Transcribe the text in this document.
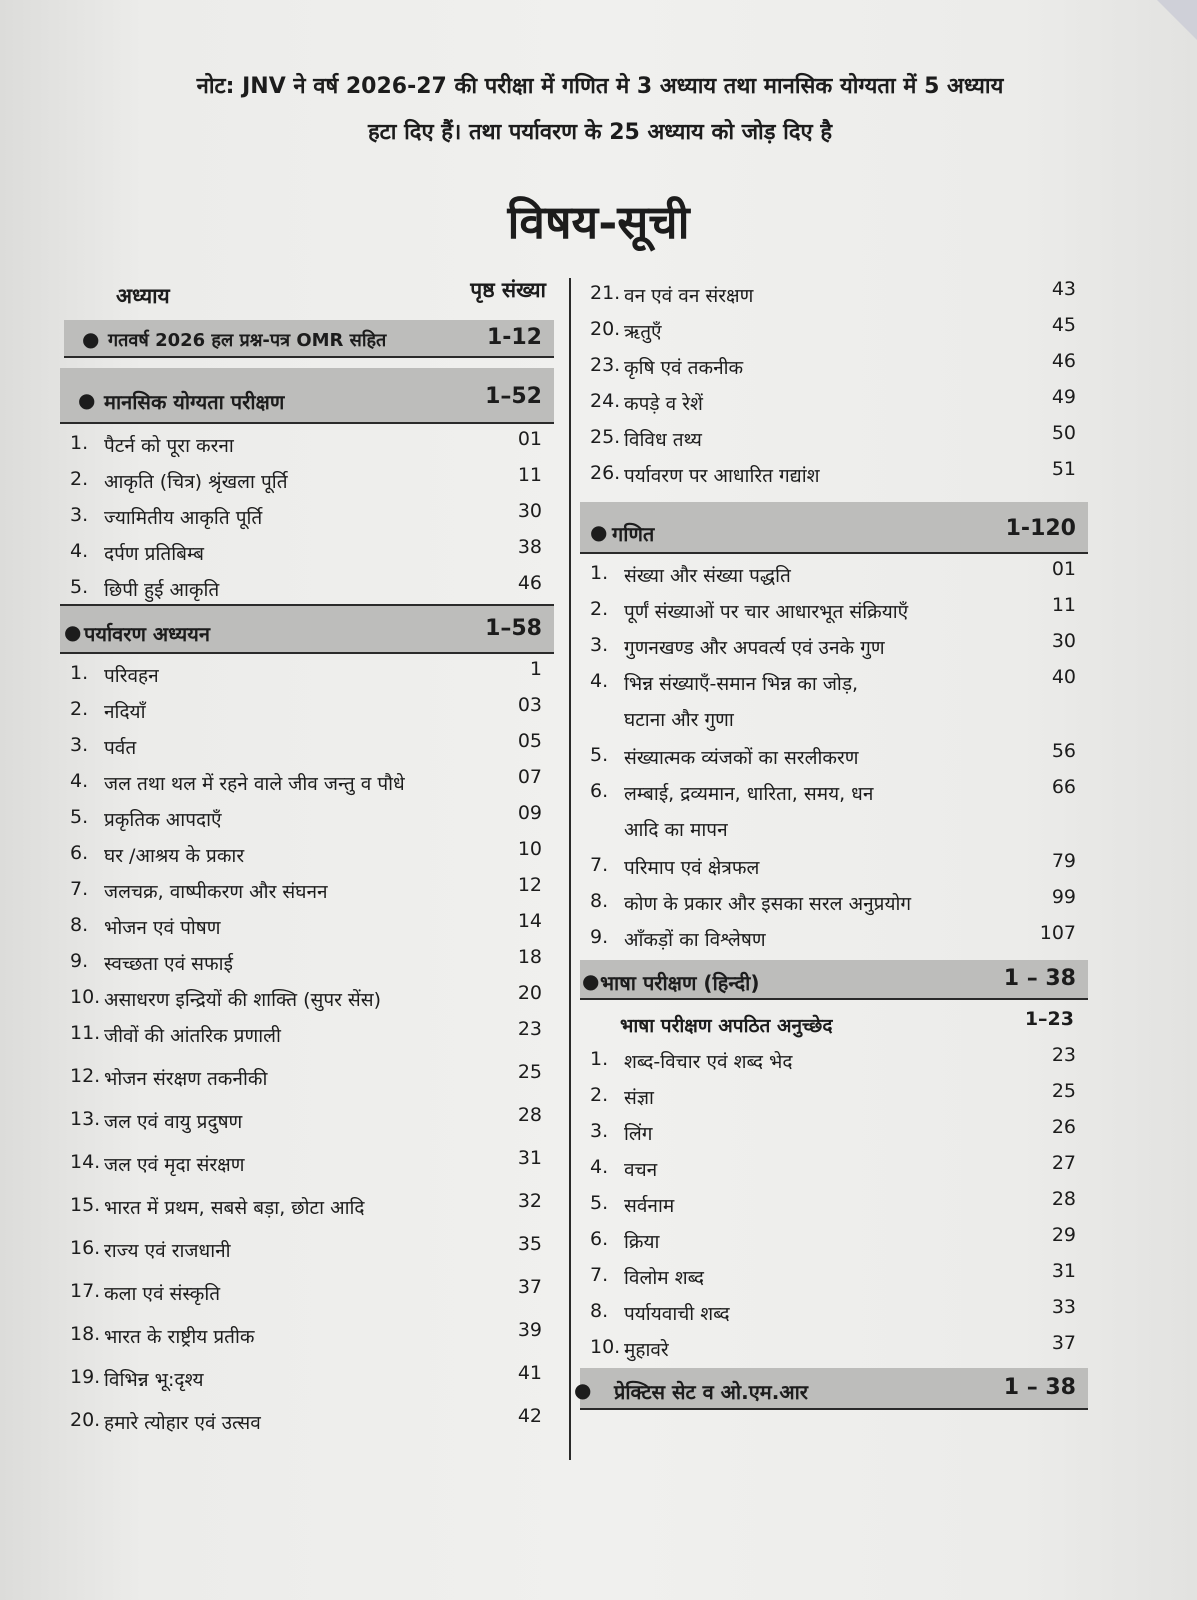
नोट: JNV ने वर्ष 2026-27 की परीक्षा में गणित मे 3 अध्याय तथा मानसिक योग्यता में 5 अध्याय
हटा दिए हैं। तथा पर्यावरण के 25 अध्याय को जोड़ दिए है
विषय-सूची
अध्याय	पृष्ठ संख्या
● गतवर्ष 2026 हल प्रश्न-पत्र OMR सहित	1-12
● मानसिक योग्यता परीक्षण	1–52
1. पैटर्न को पूरा करना	01
2. आकृति (चित्र) श्रृंखला पूर्ति	11
3. ज्यामितीय आकृति पूर्ति	30
4. दर्पण प्रतिबिम्ब	38
5. छिपी हुई आकृति	46
● पर्यावरण अध्ययन	1–58
1. परिवहन	1
2. नदियाँ	03
3. पर्वत	05
4. जल तथा थल में रहने वाले जीव जन्तु व पौधे	07
5. प्रकृतिक आपदाएँ	09
6. घर /आश्रय के प्रकार	10
7. जलचक्र, वाष्पीकरण और संघनन	12
8. भोजन एवं पोषण	14
9. स्वच्छता एवं सफाई	18
10. असाधरण इन्द्रियों की शाक्ति (सुपर सेंस)	20
11. जीवों की आंतरिक प्रणाली	23
12. भोजन संरक्षण तकनीकी	25
13. जल एवं वायु प्रदुषण	28
14. जल एवं मृदा संरक्षण	31
15. भारत में प्रथम, सबसे बड़ा, छोटा आदि	32
16. राज्य एवं राजधानी	35
17. कला एवं संस्कृति	37
18. भारत के राष्ट्रीय प्रतीक	39
19. विभिन्न भू:दृश्य	41
20. हमारे त्योहार एवं उत्सव	42
21. वन एवं वन संरक्षण	43
20. ऋतुएँ	45
23. कृषि एवं तकनीक	46
24. कपड़े व रेशें	49
25. विविध तथ्य	50
26. पर्यावरण पर आधारित गद्यांश	51
● गणित	1-120
1. संख्या और संख्या पद्धति	01
2. पूर्णं संख्याओं पर चार आधारभूत संक्रियाएँ	11
3. गुणनखण्ड और अपवर्त्य एवं उनके गुण	30
4. भिन्न संख्याएँ-समान भिन्न का जोड़,	40
घटाना और गुणा
5. संख्यात्मक व्यंजकों का सरलीकरण	56
6. लम्बाई, द्रव्यमान, धारिता, समय, धन	66
आदि का मापन
7. परिमाप एवं क्षेत्रफल	79
8. कोण के प्रकार और इसका सरल अनुप्रयोग	99
9. आँकड़ों का विश्लेषण	107
● भाषा परीक्षण (हिन्दी)	1 – 38
भाषा परीक्षण अपठित अनुच्छेद	1–23
1. शब्द-विचार एवं शब्द भेद	23
2. संज्ञा	25
3. लिंग	26
4. वचन	27
5. सर्वनाम	28
6. क्रिया	29
7. विलोम शब्द	31
8. पर्यायवाची शब्द	33
10. मुहावरे	37
● प्रेक्टिस सेट व ओ.एम.आर	1 – 38
